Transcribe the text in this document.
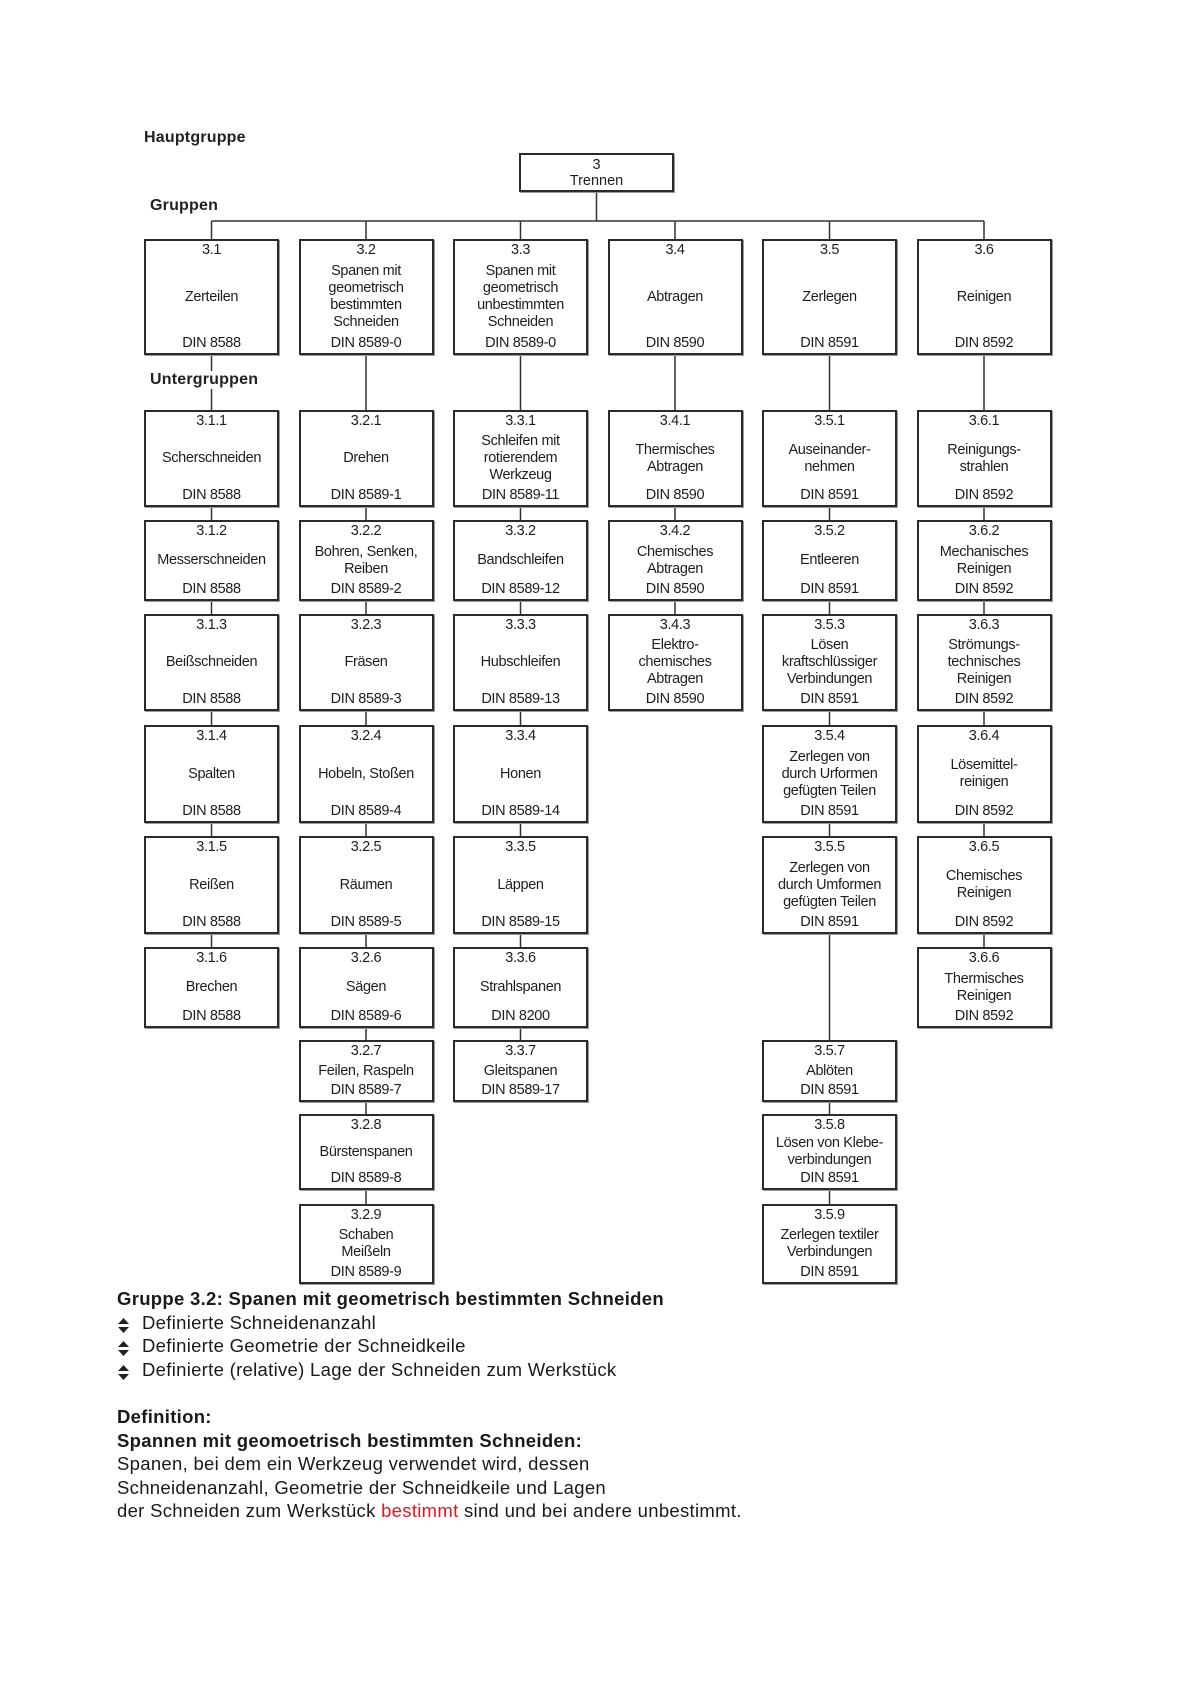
3.1
Zerteilen
DIN 8588
3.1.1
Scherschneiden
DIN 8588
3.1.2
Messerschneiden
DIN 8588
3.1.3
Beißschneiden
DIN 8588
3.1.4
Spalten
DIN 8588
3.1.5
Reißen
DIN 8588
3.1.6
Brechen
DIN 8588
3.2
Spanen mit
geometrisch
bestimmten
Schneiden
DIN 8589-0
3.2.1
Drehen
DIN 8589-1
3.2.2
Bohren, Senken,
Reiben
DIN 8589-2
3.2.3
Fräsen
DIN 8589-3
3.2.4
Hobeln, Stoßen
DIN 8589-4
3.2.5
Räumen
DIN 8589-5
3.2.6
Sägen
DIN 8589-6
3.2.7
Feilen, Raspeln
DIN 8589-7
3.2.8
Bürstenspanen
DIN 8589-8
3.2.9
Schaben
Meißeln
DIN 8589-9
3.3
Spanen mit
geometrisch
unbestimmten
Schneiden
DIN 8589-0
3.3.1
Schleifen mit
rotierendem
Werkzeug
DIN 8589-11
3.3.2
Bandschleifen
DIN 8589-12
3.3.3
Hubschleifen
DIN 8589-13
3.3.4
Honen
DIN 8589-14
3.3.5
Läppen
DIN 8589-15
3.3.6
Strahlspanen
DIN 8200
3.3.7
Gleitspanen
DIN 8589-17
3.4
Abtragen
DIN 8590
3.4.1
Thermisches
Abtragen
DIN 8590
3.4.2
Chemisches
Abtragen
DIN 8590
3.4.3
Elektro-
chemisches
Abtragen
DIN 8590
3.5
Zerlegen
DIN 8591
3.5.1
Auseinander-
nehmen
DIN 8591
3.5.2
Entleeren
DIN 8591
3.5.3
Lösen
kraftschlüssiger
Verbindungen
DIN 8591
3.5.4
Zerlegen von
durch Urformen
gefügten Teilen
DIN 8591
3.5.5
Zerlegen von
durch Umformen
gefügten Teilen
DIN 8591
3.5.7
Ablöten
DIN 8591
3.5.8
Lösen von Klebe-
verbindungen
DIN 8591
3.5.9
Zerlegen textiler
Verbindungen
DIN 8591
3.6
Reinigen
DIN 8592
3.6.1
Reinigungs-
strahlen
DIN 8592
3.6.2
Mechanisches
Reinigen
DIN 8592
3.6.3
Strömungs-
technisches
Reinigen
DIN 8592
3.6.4
Lösemittel-
reinigen
DIN 8592
3.6.5
Chemisches
Reinigen
DIN 8592
3.6.6
Thermisches
Reinigen
DIN 8592
Hauptgruppe
Gruppen
Untergruppen
3
Trennen
Gruppe 3.2: Spanen mit geometrisch bestimmten Schneiden
Definierte Schneidenanzahl
Definierte Geometrie der Schneidkeile
Definierte (relative) Lage der Schneiden zum Werkstück
Definition:
Spannen mit geomoetrisch bestimmten Schneiden:
Spanen, bei dem ein Werkzeug verwendet wird, dessen
Schneidenanzahl, Geometrie der Schneidkeile und Lagen
der Schneiden zum Werkstück bestimmt sind und bei andere unbestimmt.
